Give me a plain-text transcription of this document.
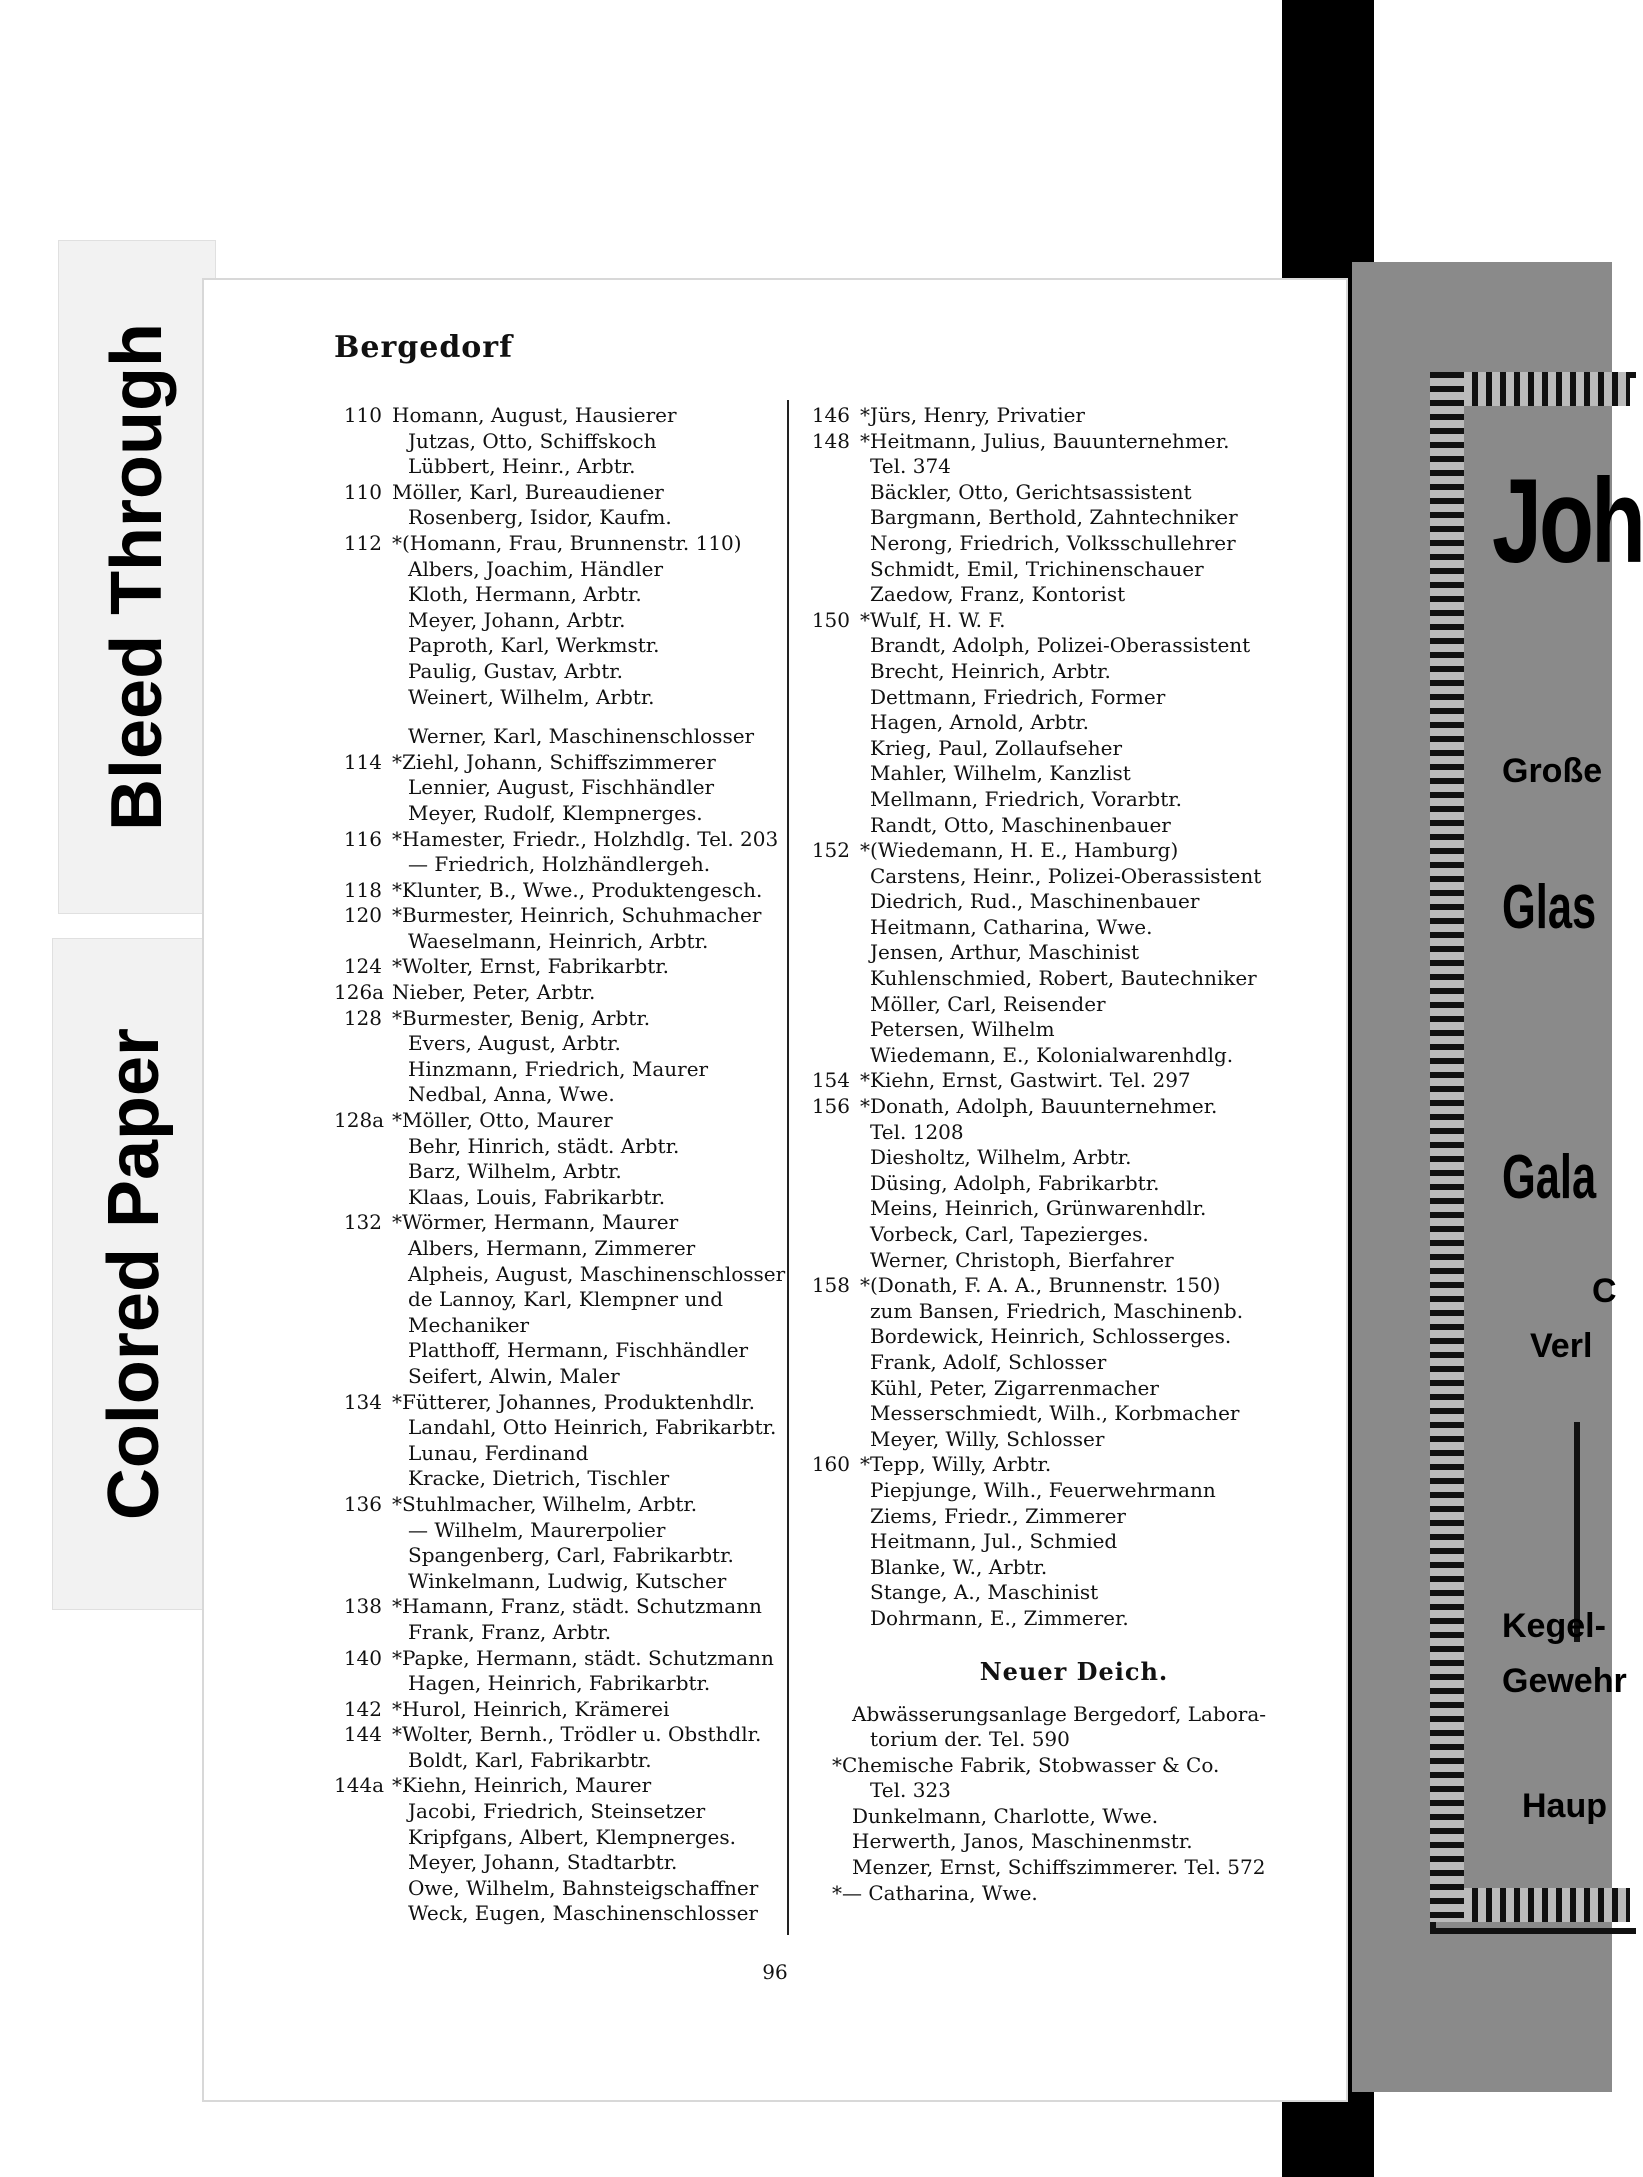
Bleed Through
Colored Paper
Joh
Große
Glas
Gala
C
Verl
Kegel-
Gewehr
Haup
Bergedorf
110 Homann, August, Hausierer
Jutzas, Otto, Schiffskoch
Lübbert, Heinr., Arbtr.
110 Möller, Karl, Bureaudiener
Rosenberg, Isidor, Kaufm.
112 *(Homann, Frau, Brunnenstr. 110)
Albers, Joachim, Händler
Kloth, Hermann, Arbtr.
Meyer, Johann, Arbtr.
Paproth, Karl, Werkmstr.
Paulig, Gustav, Arbtr.
Weinert, Wilhelm, Arbtr.
Werner, Karl, Maschinenschlosser
114 *Ziehl, Johann, Schiffszimmerer
Lennier, August, Fischhändler
Meyer, Rudolf, Klempnerges.
116 *Hamester, Friedr., Holzhdlg. Tel. 203
— Friedrich, Holzhändlergeh.
118 *Klunter, B., Wwe., Produktengesch.
120 *Burmester, Heinrich, Schuhmacher
Waeselmann, Heinrich, Arbtr.
124 *Wolter, Ernst, Fabrikarbtr.
126a Nieber, Peter, Arbtr.
128 *Burmester, Benig, Arbtr.
Evers, August, Arbtr.
Hinzmann, Friedrich, Maurer
Nedbal, Anna, Wwe.
128a *Möller, Otto, Maurer
Behr, Hinrich, städt. Arbtr.
Barz, Wilhelm, Arbtr.
Klaas, Louis, Fabrikarbtr.
132 *Wörmer, Hermann, Maurer
Albers, Hermann, Zimmerer
Alpheis, August, Maschinenschlosser
de Lannoy, Karl, Klempner und
Mechaniker
Platthoff, Hermann, Fischhändler
Seifert, Alwin, Maler
134 *Fütterer, Johannes, Produktenhdlr.
Landahl, Otto Heinrich, Fabrikarbtr.
Lunau, Ferdinand
Kracke, Dietrich, Tischler
136 *Stuhlmacher, Wilhelm, Arbtr.
— Wilhelm, Maurerpolier
Spangenberg, Carl, Fabrikarbtr.
Winkelmann, Ludwig, Kutscher
138 *Hamann, Franz, städt. Schutzmann
Frank, Franz, Arbtr.
140 *Papke, Hermann, städt. Schutzmann
Hagen, Heinrich, Fabrikarbtr.
142 *Hurol, Heinrich, Krämerei
144 *Wolter, Bernh., Trödler u. Obsthdlr.
Boldt, Karl, Fabrikarbtr.
144a *Kiehn, Heinrich, Maurer
Jacobi, Friedrich, Steinsetzer
Kripfgans, Albert, Klempnerges.
Meyer, Johann, Stadtarbtr.
Owe, Wilhelm, Bahnsteigschaffner
Weck, Eugen, Maschinenschlosser
146 *Jürs, Henry, Privatier
148 *Heitmann, Julius, Bauunternehmer.
Tel. 374
Bäckler, Otto, Gerichtsassistent
Bargmann, Berthold, Zahntechniker
Nerong, Friedrich, Volksschullehrer
Schmidt, Emil, Trichinenschauer
Zaedow, Franz, Kontorist
150 *Wulf, H. W. F.
Brandt, Adolph, Polizei-Oberassistent
Brecht, Heinrich, Arbtr.
Dettmann, Friedrich, Former
Hagen, Arnold, Arbtr.
Krieg, Paul, Zollaufseher
Mahler, Wilhelm, Kanzlist
Mellmann, Friedrich, Vorarbtr.
Randt, Otto, Maschinenbauer
152 *(Wiedemann, H. E., Hamburg)
Carstens, Heinr., Polizei-Oberassistent
Diedrich, Rud., Maschinenbauer
Heitmann, Catharina, Wwe.
Jensen, Arthur, Maschinist
Kuhlenschmied, Robert, Bautechniker
Möller, Carl, Reisender
Petersen, Wilhelm
Wiedemann, E., Kolonialwarenhdlg.
154 *Kiehn, Ernst, Gastwirt. Tel. 297
156 *Donath, Adolph, Bauunternehmer.
Tel. 1208
Diesholtz, Wilhelm, Arbtr.
Düsing, Adolph, Fabrikarbtr.
Meins, Heinrich, Grünwarenhdlr.
Vorbeck, Carl, Tapezierges.
Werner, Christoph, Bierfahrer
158 *(Donath, F. A. A., Brunnenstr. 150)
zum Bansen, Friedrich, Maschinenb.
Bordewick, Heinrich, Schlosserges.
Frank, Adolf, Schlosser
Kühl, Peter, Zigarrenmacher
Messerschmiedt, Wilh., Korbmacher
Meyer, Willy, Schlosser
160 *Tepp, Willy, Arbtr.
Piepjunge, Wilh., Feuerwehrmann
Ziems, Friedr., Zimmerer
Heitmann, Jul., Schmied
Blanke, W., Arbtr.
Stange, A., Maschinist
Dohrmann, E., Zimmerer.
Neuer Deich.
Abwässerungsanlage Bergedorf, Labora-
torium der. Tel. 590
*Chemische Fabrik, Stobwasser & Co.
Tel. 323
Dunkelmann, Charlotte, Wwe.
Herwerth, Janos, Maschinenmstr.
Menzer, Ernst, Schiffszimmerer. Tel. 572
*— Catharina, Wwe.
96
